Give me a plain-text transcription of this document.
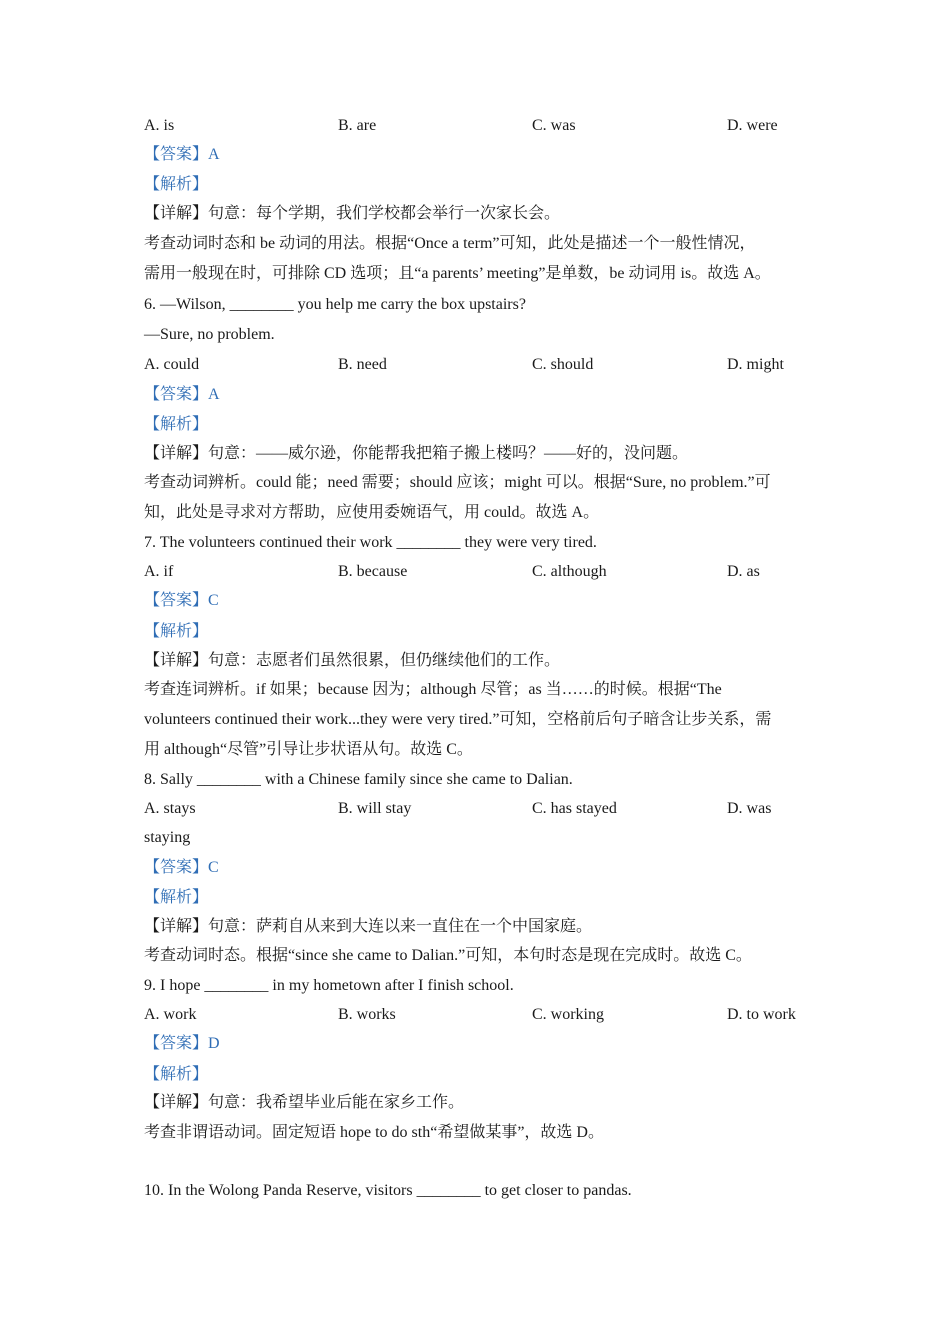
A. is	B. are	C. was	D. were
【答案】A
【解析】
【详解】句意：每个学期，我们学校都会举行一次家长会。
考查动词时态和 be 动词的用法。根据“Once a term”可知，此处是描述一个一般性情况，
需用一般现在时，可排除 CD 选项；且“a parents’ meeting”是单数，be 动词用 is。故选 A。
6. —Wilson, ________ you help me carry the box upstairs?
—Sure, no problem.
A. could	B. need	C. should	D. might
【答案】A
【解析】
【详解】句意：——威尔逊，你能帮我把箱子搬上楼吗？——好的，没问题。
考查动词辨析。could 能；need 需要；should 应该；might 可以。根据“Sure, no problem.”可
知，此处是寻求对方帮助，应使用委婉语气，用 could。故选 A。
7. The volunteers continued their work ________ they were very tired.
A. if	B. because	C. although	D. as
【答案】C
【解析】
【详解】句意：志愿者们虽然很累，但仍继续他们的工作。
考查连词辨析。if 如果；because 因为；although 尽管；as 当……的时候。根据“The
volunteers continued their work...they were very tired.”可知，空格前后句子暗含让步关系，需
用 although“尽管”引导让步状语从句。故选 C。
8. Sally ________ with a Chinese family since she came to Dalian.
A. stays	B. will stay	C. has stayed	D. was
staying
【答案】C
【解析】
【详解】句意：萨莉自从来到大连以来一直住在一个中国家庭。
考查动词时态。根据“since she came to Dalian.”可知，本句时态是现在完成时。故选 C。
9. I hope ________ in my hometown after I finish school.
A. work	B. works	C. working	D. to work
【答案】D
【解析】
【详解】句意：我希望毕业后能在家乡工作。
考查非谓语动词。固定短语 hope to do sth“希望做某事”，故选 D。
10. In the Wolong Panda Reserve, visitors ________ to get closer to pandas.
